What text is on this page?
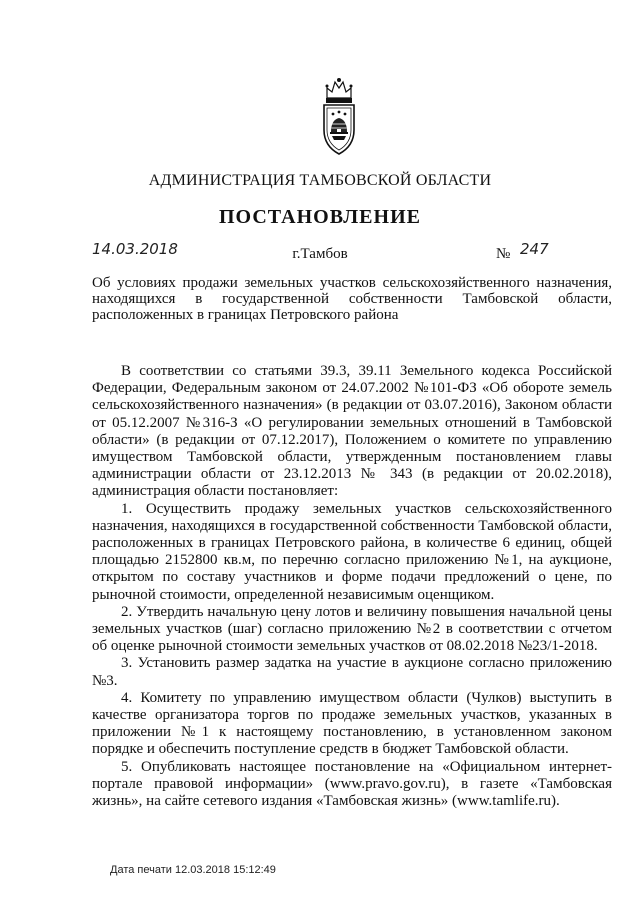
АДМИНИСТРАЦИЯ ТАМБОВСКОЙ ОБЛАСТИ
ПОСТАНОВЛЕНИЕ
14.03.2018	г.Тамбов	№ 247
Об условиях продажи земельных участков сельскохозяйственного назначения, находящихся в государственной собственности Тамбовской области, расположенных в границах Петровского района

В соответствии со статьями 39.3, 39.11 Земельного кодекса Российской Федерации, Федеральным законом от 24.07.2002 №101-ФЗ «Об обороте земель сельскохозяйственного назначения» (в редакции от 03.07.2016), Законом области от 05.12.2007 №316-З «О регулировании земельных отношений в Тамбовской области» (в редакции от 07.12.2017), Положением о комитете по управлению имуществом Тамбовской области, утвержденным постановлением главы администрации области от 23.12.2013 № 343 (в редакции от 20.02.2018), администрация области постановляет:

1. Осуществить продажу земельных участков сельскохозяйственного назначения, находящихся в государственной собственности Тамбовской области, расположенных в границах Петровского района, в количестве 6 единиц, общей площадью 2152800 кв.м, по перечню согласно приложению №1, на аукционе, открытом по составу участников и форме подачи предложений о цене, по рыночной стоимости, определенной независимым оценщиком.

2. Утвердить начальную цену лотов и величину повышения начальной цены земельных участков (шаг) согласно приложению №2 в соответствии с отчетом об оценке рыночной стоимости земельных участков от 08.02.2018 №23/1-2018.

3. Установить размер задатка на участие в аукционе согласно приложению №3.

4. Комитету по управлению имуществом области (Чулков) выступить в качестве организатора торгов по продаже земельных участков, указанных в приложении №1 к настоящему постановлению, в установленном законом порядке и обеспечить поступление средств в бюджет Тамбовской области.

5. Опубликовать настоящее постановление на «Официальном интернет-портале правовой информации» (www.pravo.gov.ru), в газете «Тамбовская жизнь», на сайте сетевого издания «Тамбовская жизнь» (www.tamlife.ru).

Дата печати 12.03.2018 15:12:49
